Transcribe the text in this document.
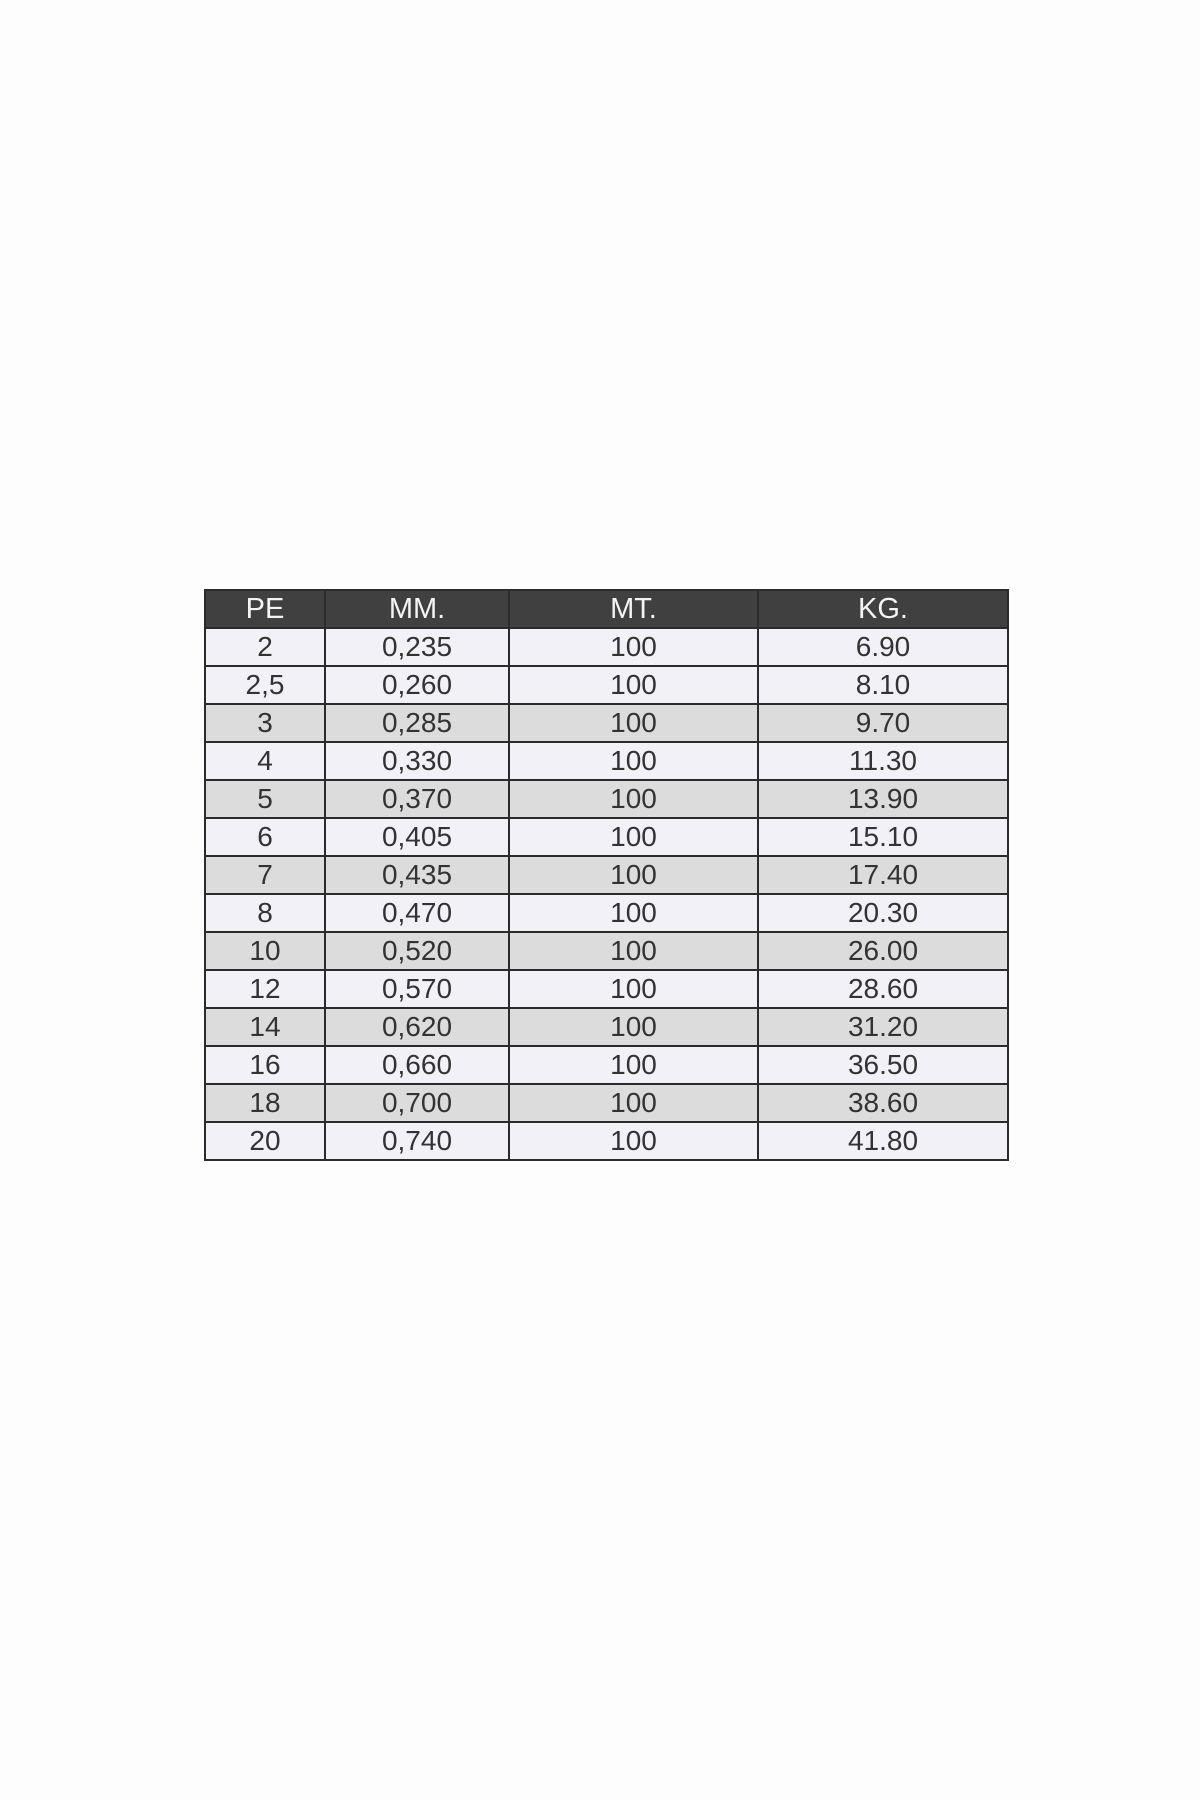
PE	MM.	MT.	KG.
2	0,235	100	6.90
2,5	0,260	100	8.10
3	0,285	100	9.70
4	0,330	100	11.30
5	0,370	100	13.90
6	0,405	100	15.10
7	0,435	100	17.40
8	0,470	100	20.30
10	0,520	100	26.00
12	0,570	100	28.60
14	0,620	100	31.20
16	0,660	100	36.50
18	0,700	100	38.60
20	0,740	100	41.80
